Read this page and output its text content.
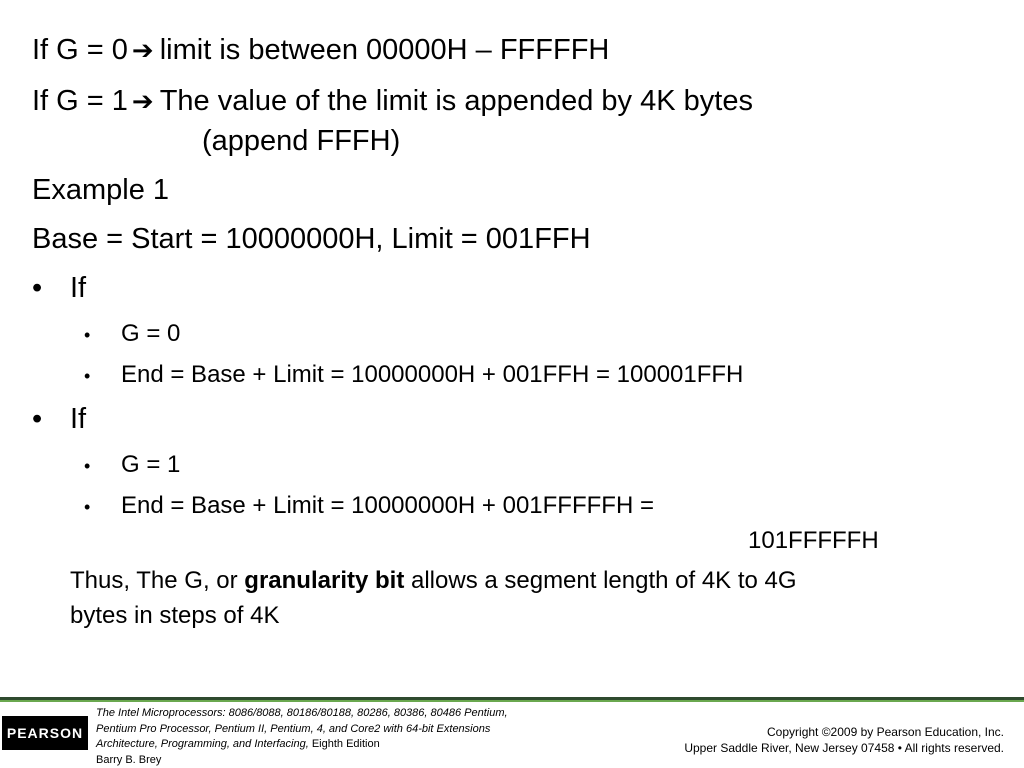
If G = 0 ➔ limit is between 00000H – FFFFFH
If G = 1 ➔ The value of the limit is appended by 4K bytes
(append FFFH)
Example 1
Base = Start = 10000000H, Limit = 001FFH
• If
• G = 0
• End = Base + Limit = 10000000H + 001FFH = 100001FFH
• If
• G = 1
• End = Base + Limit = 10000000H + 001FFFFFH =
101FFFFFH
Thus, The G, or granularity bit allows a segment length of 4K to 4G
bytes in steps of 4K
PEARSON
The Intel Microprocessors: 8086/8088, 80186/80188, 80286, 80386, 80486 Pentium,
Pentium Pro Processor, Pentium II, Pentium, 4, and Core2 with 64-bit Extensions
Architecture, Programming, and Interfacing, Eighth Edition
Barry B. Brey
Copyright ©2009 by Pearson Education, Inc.
Upper Saddle River, New Jersey 07458 • All rights reserved.
